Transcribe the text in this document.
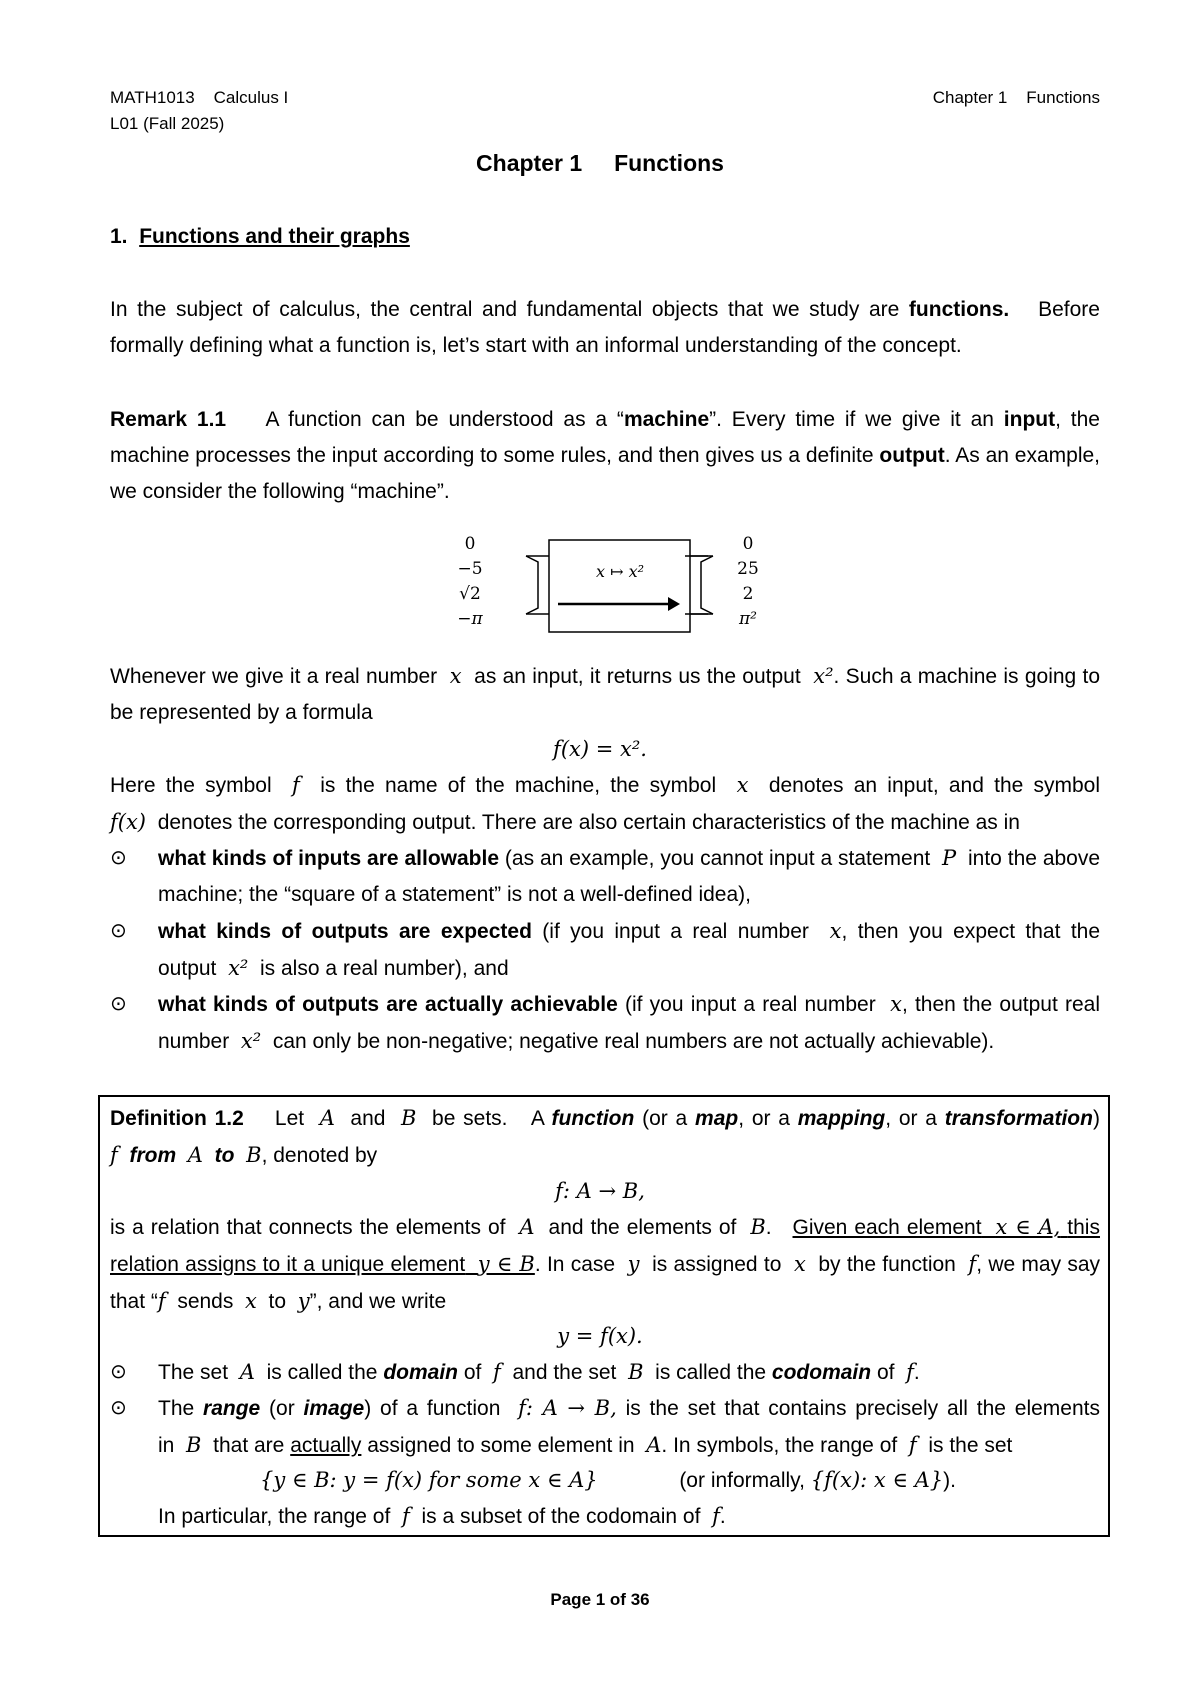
MATH1013 Calculus I
L01 (Fall 2025)
Chapter 1 Functions
Chapter 1 Functions
1. Functions and their graphs
In the subject of calculus, the central and fundamental objects that we study are functions. Before formally defining what a function is, let’s start with an informal understanding of the concept.
Remark 1.1 A function can be understood as a “machine”. Every time if we give it an input, the machine processes the input according to some rules, and then gives us a definite output. As an example, we consider the following “machine”.
0
−5
√2
−π
x ↦ x²
0
25
2
π²
Whenever we give it a real number x as an input, it returns us the output x². Such a machine is going to be represented by a formula
f(x) = x².
Here the symbol f is the name of the machine, the symbol x denotes an input, and the symbol f(x) denotes the corresponding output. There are also certain characteristics of the machine as in
⊙	what kinds of inputs are allowable (as an example, you cannot input a statement P into the above machine; the “square of a statement” is not a well-defined idea),
⊙	what kinds of outputs are expected (if you input a real number x, then you expect that the output x² is also a real number), and
⊙	what kinds of outputs are actually achievable (if you input a real number x, then the output real number x² can only be non-negative; negative real numbers are not actually achievable).
Definition 1.2 Let A and B be sets. A function (or a map, or a mapping, or a transformation) f from A to B, denoted by
f: A → B,
is a relation that connects the elements of A and the elements of B.   Given each element x ∈ A, this relation assigns to it a unique element y ∈ B. In case y is assigned to x by the function f, we may say that “f sends x to y”, and we write
y = f(x).
⊙	The set A is called the domain of f and the set B is called the codomain of f.
⊙	The range (or image) of a function f: A → B, is the set that contains precisely all the elements in B that are actually assigned to some element in A. In symbols, the range of f is the set
{y ∈ B: y = f(x) for some x ∈ A}	(or informally, {f(x): x ∈ A}).
In particular, the range of f is a subset of the codomain of f.
Page 1 of 36
